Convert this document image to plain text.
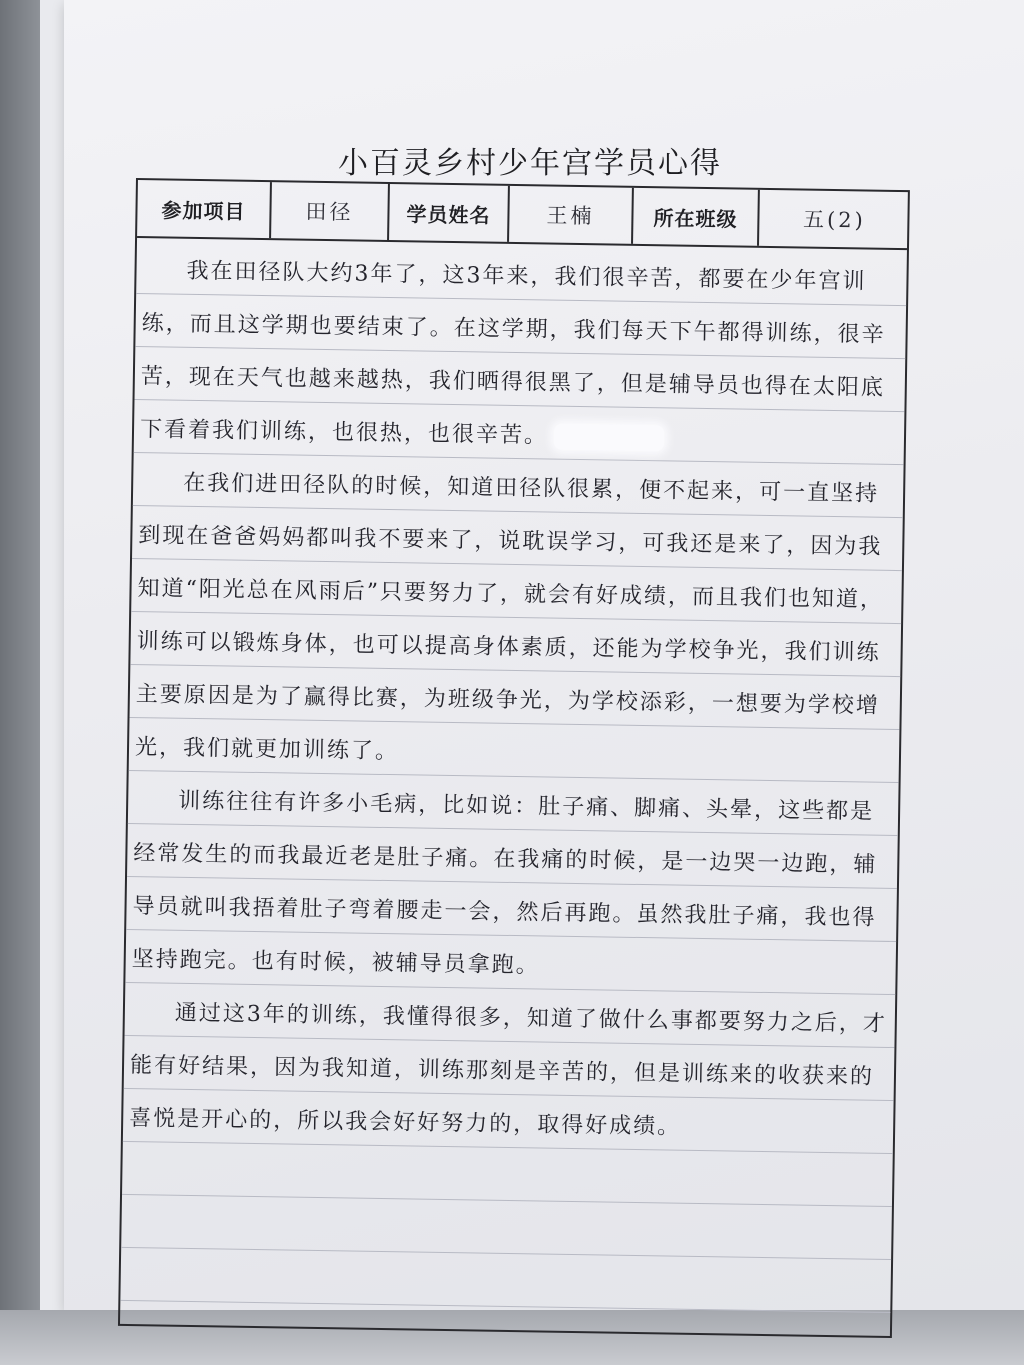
小百灵乡村少年宫学员心得
参加项目	田径	学员姓名	王楠	所在班级	五(2)

我在田径队大约3年了，这3年来，我们很辛苦，都要在少年宫训练，而且这学期也要结束了。在这学期，我们每天下午都得训练，很辛苦，现在天气也越来越热，我们晒得很黑了，但是辅导员也得在太阳底下看着我们训练，也很热，也很辛苦。

在我们进田径队的时候，知道田径队很累，便不起来，可一直坚持到现在爸爸妈妈都叫我不要来了，说耽误学习，可我还是来了，因为我知道“阳光总在风雨后”只要努力了，就会有好成绩，而且我们也知道，训练可以锻炼身体，也可以提高身体素质，还能为学校争光，我们训练主要原因是为了赢得比赛，为班级争光，为学校添彩，一想要为学校增光，我们就更加训练了。

训练往往有许多小毛病，比如说：肚子痛、脚痛、头晕，这些都是经常发生的而我最近老是肚子痛。在我痛的时候，是一边哭一边跑，辅导员就叫我捂着肚子弯着腰走一会，然后再跑。虽然我肚子痛，我也得坚持跑完。也有时候，被辅导员拿跑。

通过这3年的训练，我懂得很多，知道了做什么事都要努力之后，才能有好结果，因为我知道，训练那刻是辛苦的，但是训练来的收获来的喜悦是开心的，所以我会好好努力的，取得好成绩。
